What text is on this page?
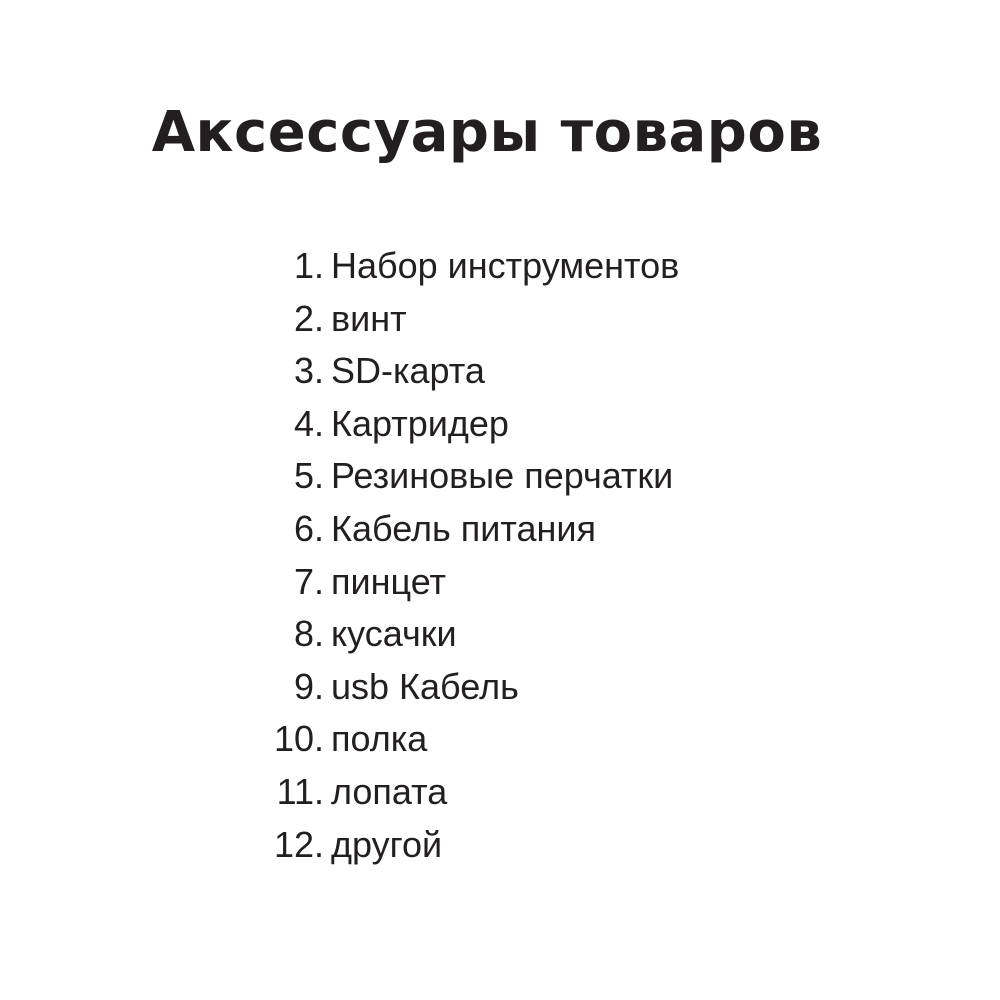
Аксессуары товаров
1. Набор инструментов
2. винт
3. SD-карта
4. Картридер
5. Резиновые перчатки
6. Кабель питания
7. пинцет
8. кусачки
9. usb Кабель
10. полка
11. лопата
12. другой
